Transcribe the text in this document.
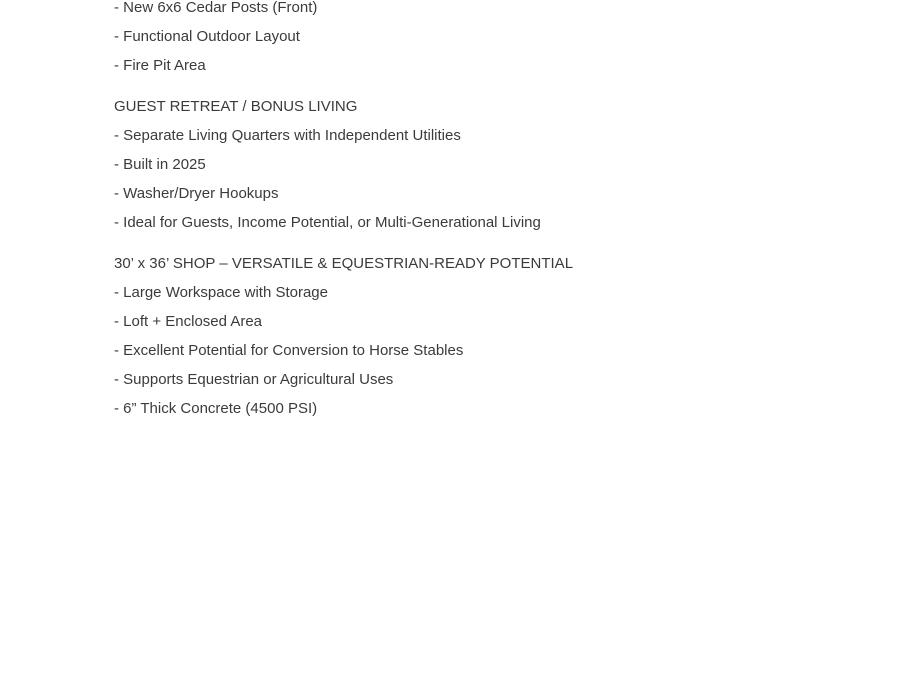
- New 6x6 Cedar Posts (Front)
- Functional Outdoor Layout
- Fire Pit Area
GUEST RETREAT / BONUS LIVING
- Separate Living Quarters with Independent Utilities
- Built in 2025
- Washer/Dryer Hookups
- Ideal for Guests, Income Potential, or Multi-Generational Living
30’ x 36’ SHOP – VERSATILE & EQUESTRIAN-READY POTENTIAL
- Large Workspace with Storage
- Loft + Enclosed Area
- Excellent Potential for Conversion to Horse Stables
- Supports Equestrian or Agricultural Uses
- 6” Thick Concrete (4500 PSI)
